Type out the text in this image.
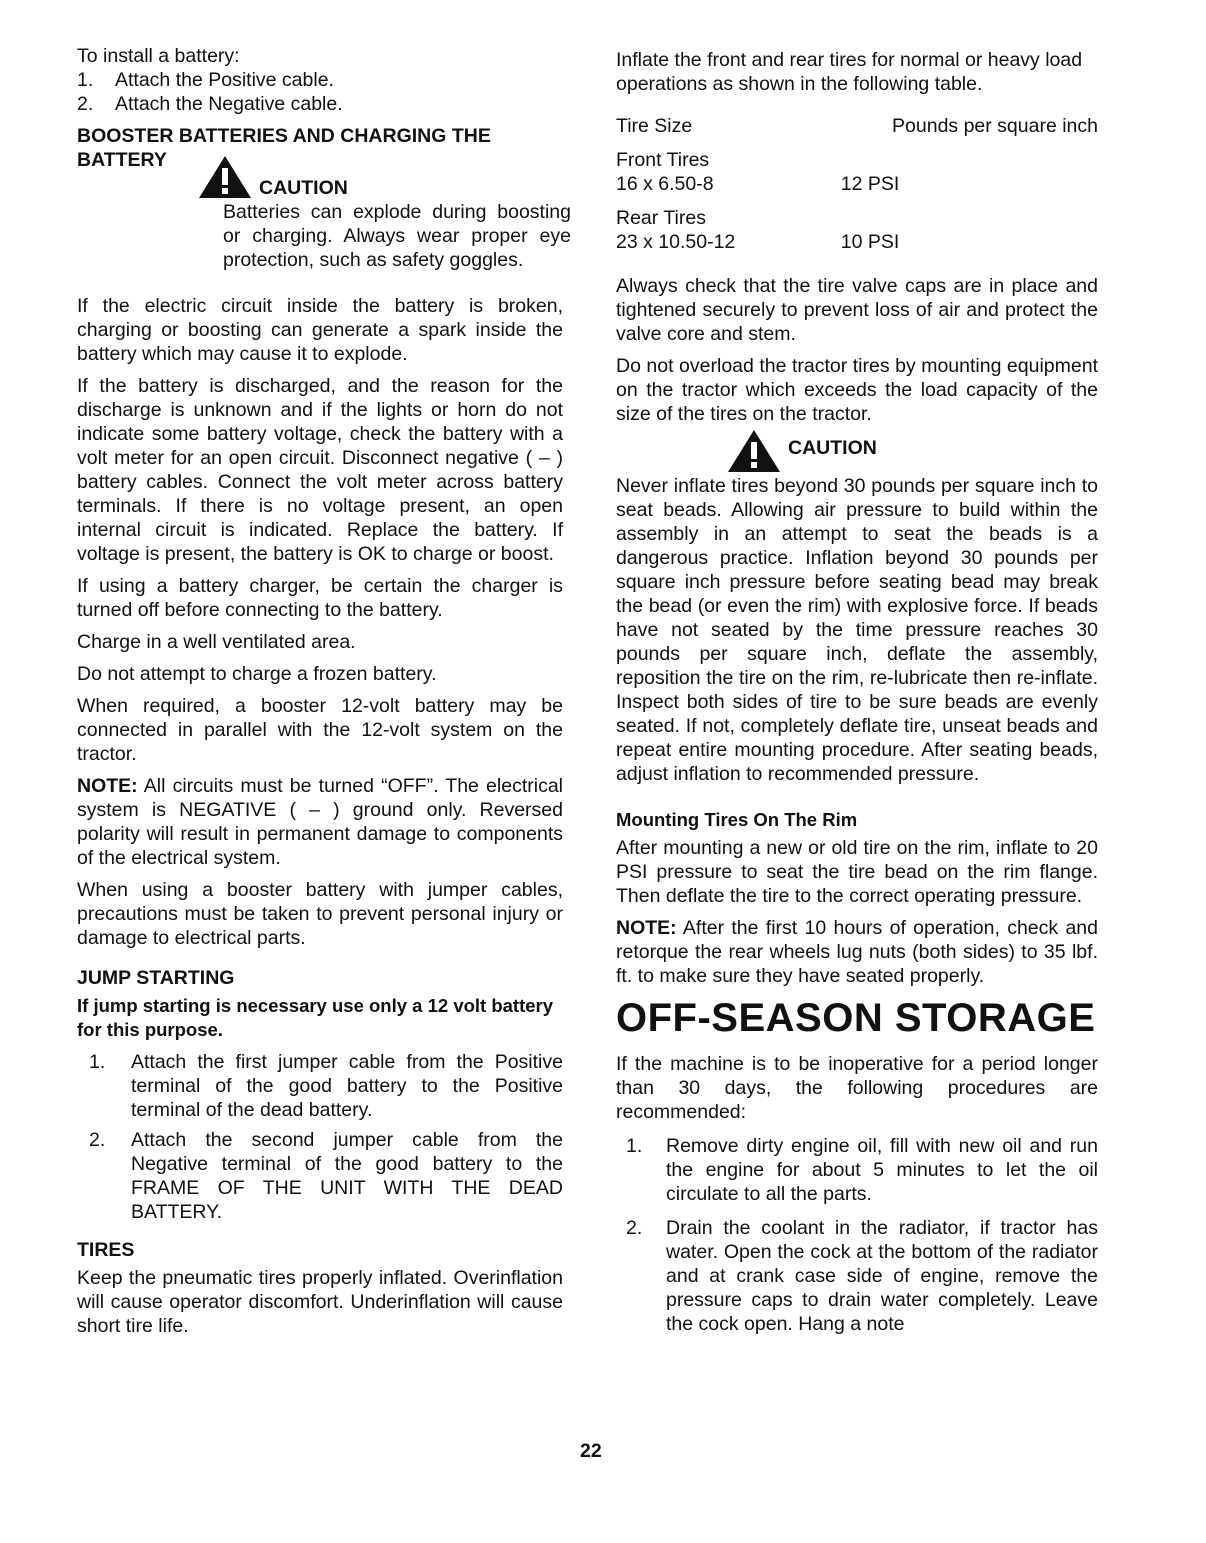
To install a battery:
1.	Attach the Positive cable.
2.	Attach the Negative cable.
BOOSTER BATTERIES AND CHARGING THE
BATTERY
CAUTION

Batteries can explode during boosting or charging. Always wear proper eye protection, such as safety goggles.

If the electric circuit inside the battery is broken, charging or boosting can generate a spark inside the battery which may cause it to explode.

If the battery is discharged, and the reason for the discharge is unknown and if the lights or horn do not indicate some battery voltage, check the battery with a volt meter for an open circuit. Disconnect negative ( – ) battery cables. Connect the volt meter across battery terminals. If there is no voltage present, an open internal circuit is indicated. Replace the battery. If voltage is present, the battery is OK to charge or boost.

If using a battery charger, be certain the charger is turned off before connecting to the battery.

Charge in a well ventilated area.

Do not attempt to charge a frozen battery.

When required, a booster 12-volt battery may be connected in parallel with the 12-volt system on the tractor.

NOTE: All circuits must be turned “OFF”. The electrical system is NEGATIVE ( – ) ground only. Reversed polarity will result in permanent damage to components of the electrical system.

When using a booster battery with jumper cables, precautions must be taken to prevent personal injury or damage to electrical parts.

JUMP STARTING
If jump starting is necessary use only a 12 volt battery for this purpose.
1.	Attach the first jumper cable from the Positive terminal of the good battery to the Positive terminal of the dead battery.
2.	Attach the second jumper cable from the Negative terminal of the good battery to the FRAME OF THE UNIT WITH THE DEAD BATTERY.
TIRES

Keep the pneumatic tires properly inflated. Overinflation will cause operator discomfort. Underinflation will cause short tire life.

Inflate the front and rear tires for normal or heavy load operations as shown in the following table.

Tire Size	Pounds per square inch
Front Tires	
16 x 6.50-8	12 PSI
Rear Tires	
23 x 10.50-12	10 PSI

Always check that the tire valve caps are in place and tightened securely to prevent loss of air and protect the valve core and stem.

Do not overload the tractor tires by mounting equipment on the tractor which exceeds the load capacity of the size of the tires on the tractor.

CAUTION

Never inflate tires beyond 30 pounds per square inch to seat beads. Allowing air pressure to build within the assembly in an attempt to seat the beads is a dangerous practice. Inflation beyond 30 pounds per square inch pressure before seating bead may break the bead (or even the rim) with explosive force. If beads have not seated by the time pressure reaches 30 pounds per square inch, deflate the assembly, reposition the tire on the rim, re-lubricate then re-inflate. Inspect both sides of tire to be sure beads are evenly seated. If not, completely deflate tire, unseat beads and repeat entire mounting procedure. After seating beads, adjust inflation to recommended pressure.

Mounting Tires On The Rim

After mounting a new or old tire on the rim, inflate to 20 PSI pressure to seat the tire bead on the rim flange. Then deflate the tire to the correct operating pressure.

NOTE: After the first 10 hours of operation, check and retorque the rear wheels lug nuts (both sides) to 35 lbf. ft. to make sure they have seated properly.

OFF-SEASON STORAGE

If the machine is to be inoperative for a period longer than 30 days, the following procedures are recommended:

1.	Remove dirty engine oil, fill with new oil and run the engine for about 5 minutes to let the oil circulate to all the parts.
2.	Drain the coolant in the radiator, if tractor has water. Open the cock at the bottom of the radiator and at crank case side of engine, remove the pressure caps to drain water completely. Leave the cock open. Hang a note
22
